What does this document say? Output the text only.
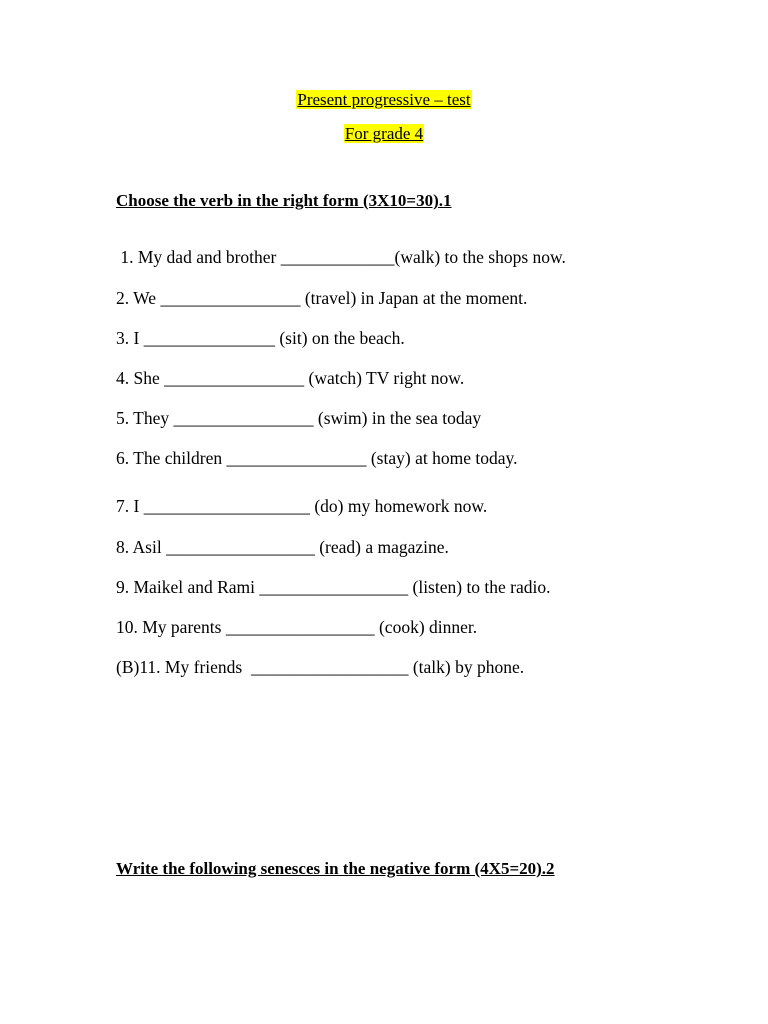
Present progressive – test
For grade 4
Choose the verb in the right form (3X10=30).1
1. My dad and brother _____________(walk) to the shops now.
2. We ________________ (travel) in Japan at the moment.
3. I _______________ (sit) on the beach.
4. She ________________ (watch) TV right now.
5. They ________________ (swim) in the sea today
6. The children ________________ (stay) at home today.
7. I ___________________ (do) my homework now.
8. Asil _________________ (read) a magazine.
9. Maikel and Rami _________________ (listen) to the radio.
10. My parents _________________ (cook) dinner.
(B)11. My friends  __________________ (talk) by phone.
Write the following senesces in the negative form (4X5=20).2
